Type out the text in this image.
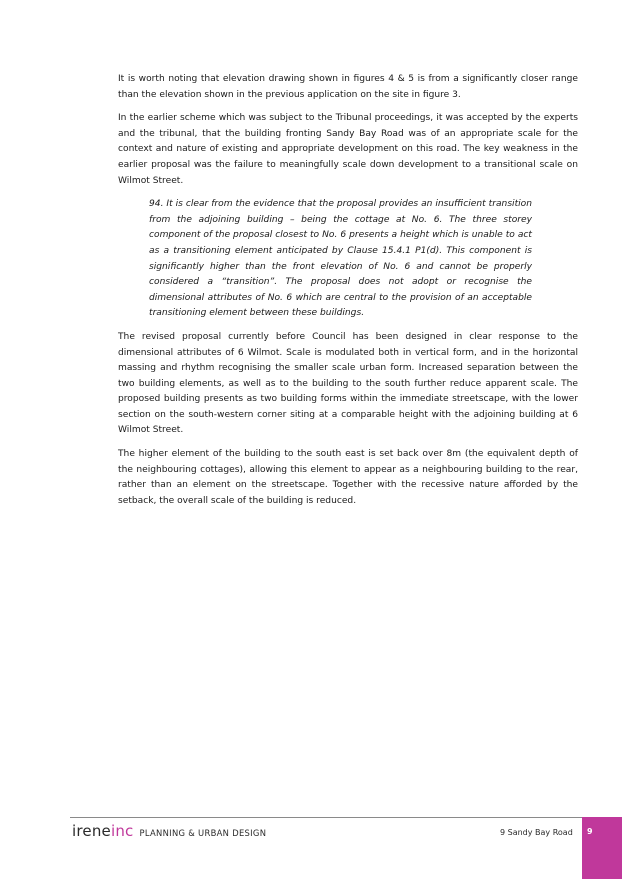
It is worth noting that elevation drawing shown in figures 4 & 5 is from a significantly closer range than the elevation shown in the previous application on the site in figure 3.

In the earlier scheme which was subject to the Tribunal proceedings, it was accepted by the experts and the tribunal, that the building fronting Sandy Bay Road was of an appropriate scale for the context and nature of existing and appropriate development on this road. The key weakness in the earlier proposal was the failure to meaningfully scale down development to a transitional scale on Wilmot Street.

94. It is clear from the evidence that the proposal provides an insufficient transition from the adjoining building – being the cottage at No. 6. The three storey component of the proposal closest to No. 6 presents a height which is unable to act as a transitioning element anticipated by Clause 15.4.1 P1(d). This component is significantly higher than the front elevation of No. 6 and cannot be properly considered a “transition”. The proposal does not adopt or recognise the dimensional attributes of No. 6 which are central to the provision of an acceptable transitioning element between these buildings.

The revised proposal currently before Council has been designed in clear response to the dimensional attributes of 6 Wilmot. Scale is modulated both in vertical form, and in the horizontal massing and rhythm recognising the smaller scale urban form. Increased separation between the two building elements, as well as to the building to the south further reduce apparent scale. The proposed building presents as two building forms within the immediate streetscape, with the lower section on the south-western corner siting at a comparable height with the adjoining building at 6 Wilmot Street.

The higher element of the building to the south east is set back over 8m (the equivalent depth of the neighbouring cottages), allowing this element to appear as a neighbouring building to the rear, rather than an element on the streetscape. Together with the recessive nature afforded by the setback, the overall scale of the building is reduced.

ireneinc PLANNING & URBAN DESIGN	9 Sandy Bay Road 9
